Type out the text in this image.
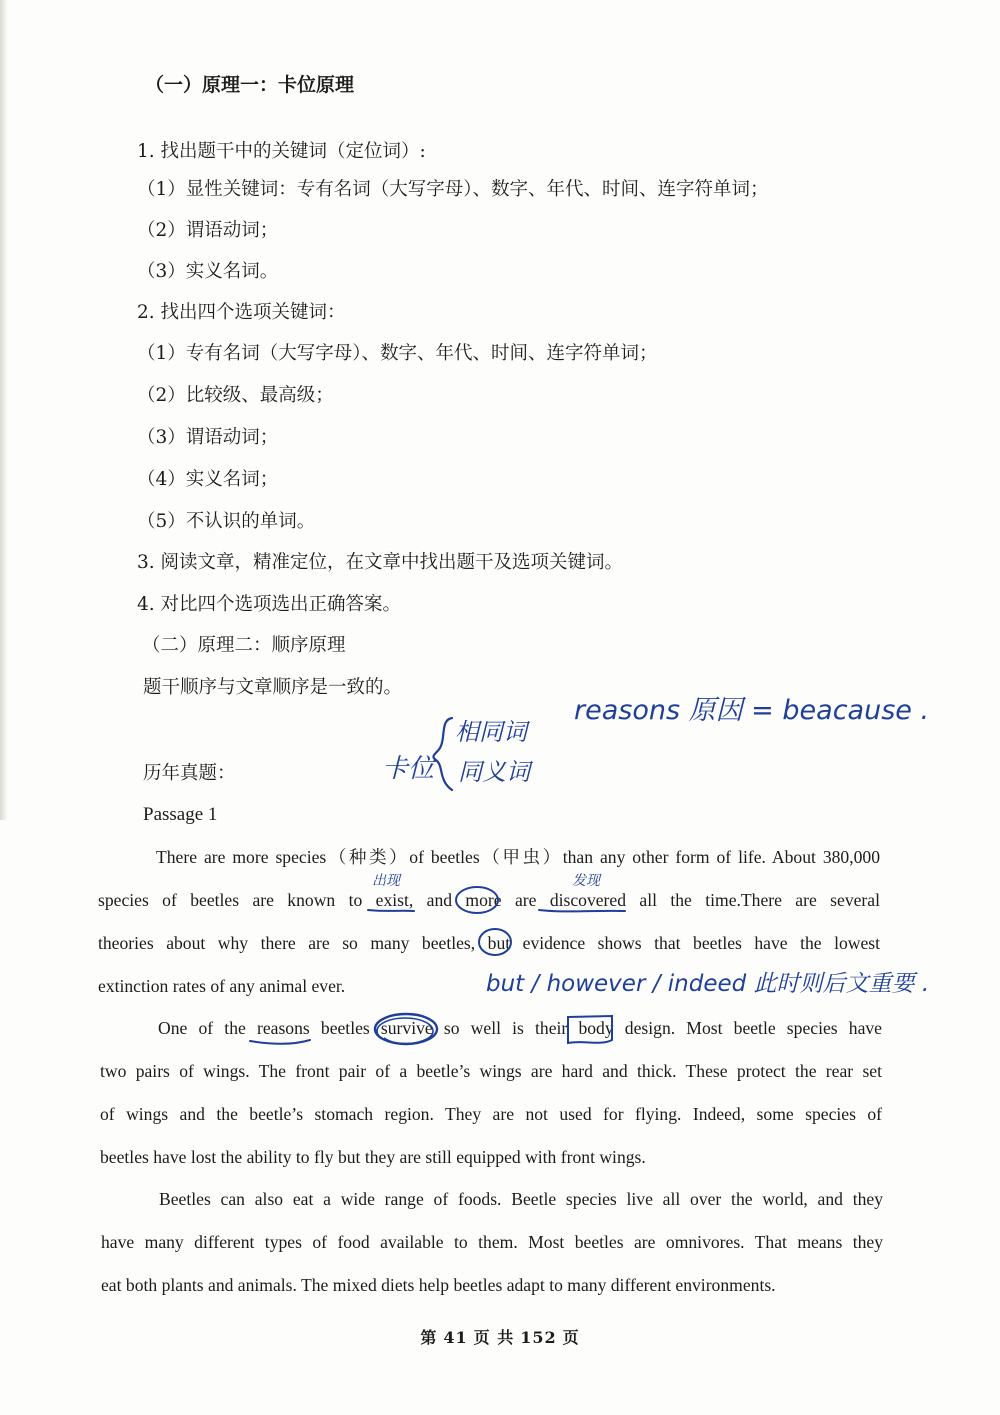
（一）原理一：卡位原理
1. 找出题干中的关键词（定位词）:
（1）显性关键词：专有名词（大写字母）、数字、年代、时间、连字符单词；
（2）谓语动词；
（3）实义名词。
2. 找出四个选项关键词：
（1）专有名词（大写字母）、数字、年代、时间、连字符单词；
（2）比较级、最高级；
（3）谓语动词；
（4）实义名词；
（5）不认识的单词。
3. 阅读文章，精准定位，在文章中找出题干及选项关键词。
4. 对比四个选项选出正确答案。
（二）原理二：顺序原理
题干顺序与文章顺序是一致的。
历年真题：
Passage 1
There are more species（种类）of beetles（甲虫）than any other form of life. About 380,000
species of beetles are known to exist, and more are discovered all the time.There are several
theories about why there are so many beetles, but evidence shows that beetles have the lowest
extinction rates of any animal ever.
One of the reasons beetles survive so well is their body design. Most beetle species have
two pairs of wings. The front pair of a beetle’s wings are hard and thick. These protect the rear set
of wings and the beetle’s stomach region. They are not used for flying. Indeed, some species of
beetles have lost the ability to fly but they are still equipped with front wings.
Beetles can also eat a wide range of foods. Beetle species live all over the world, and they
have many different types of food available to them. Most beetles are omnivores. That means they
eat both plants and animals. The mixed diets help beetles adapt to many different environments.
卡位
相同词
同义词
reasons 原因 = beacause .
出现	发现
but / however / indeed 此时则后文重要 .
第 41 页 共 152 页
